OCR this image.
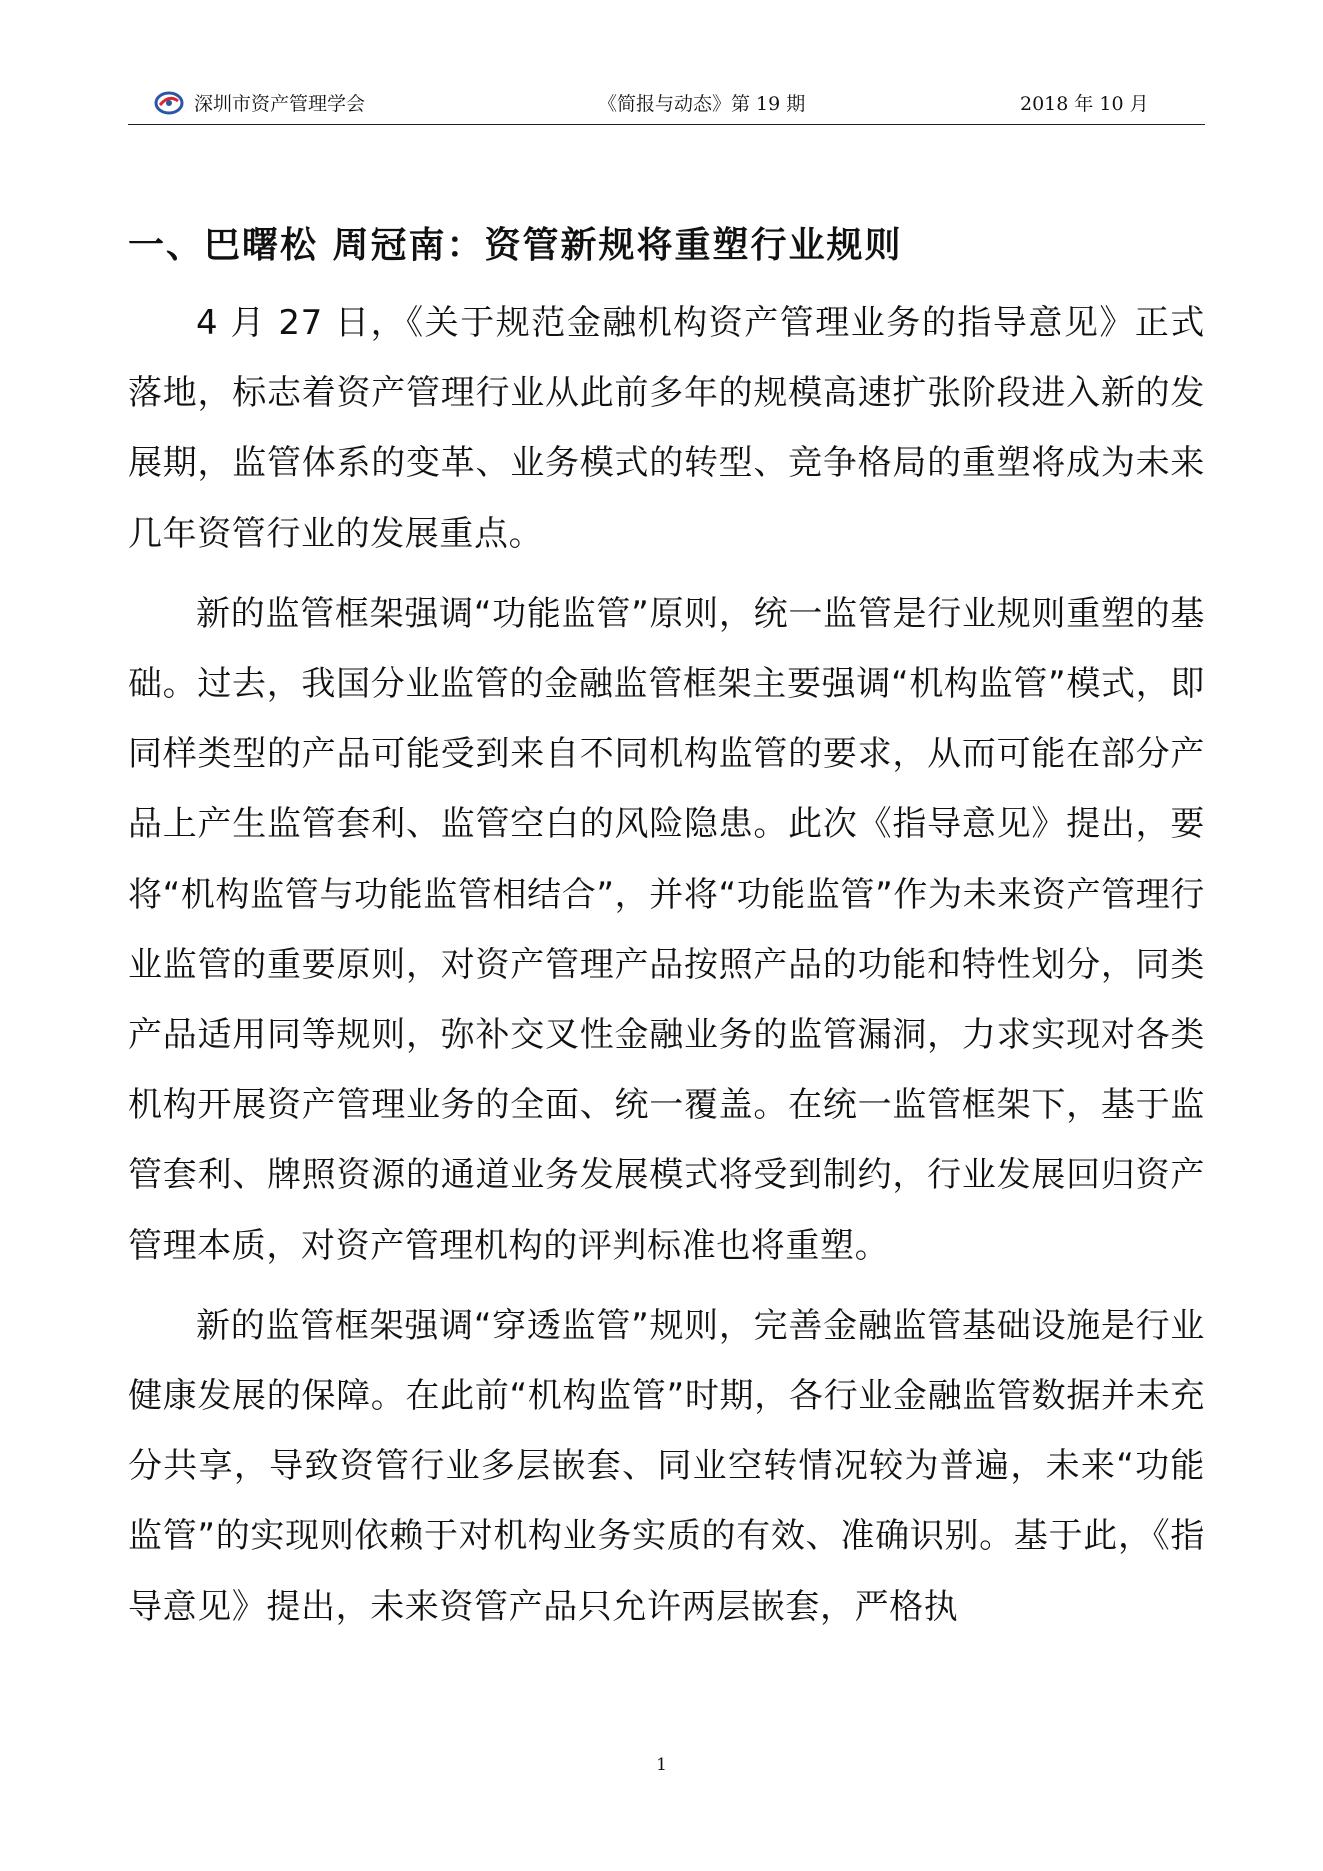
深圳市资产管理学会	《简报与动态》第 19 期	2018 年 10 月
一、巴曙松 周冠南：资管新规将重塑行业规则

4 月 27 日，《关于规范金融机构资产管理业务的指导意见》正式落地，标志着资产管理行业从此前多年的规模高速扩张阶段进入新的发展期，监管体系的变革、业务模式的转型、竞争格局的重塑将成为未来几年资管行业的发展重点。

新的监管框架强调“功能监管”原则，统一监管是行业规则重塑的基础。过去，我国分业监管的金融监管框架主要强调“机构监管”模式，即同样类型的产品可能受到来自不同机构监管的要求，从而可能在部分产品上产生监管套利、监管空白的风险隐患。此次《指导意见》提出，要将“机构监管与功能监管相结合”，并将“功能监管”作为未来资产管理行业监管的重要原则，对资产管理产品按照产品的功能和特性划分，同类产品适用同等规则，弥补交叉性金融业务的监管漏洞，力求实现对各类机构开展资产管理业务的全面、统一覆盖。在统一监管框架下，基于监管套利、牌照资源的通道业务发展模式将受到制约，行业发展回归资产管理本质，对资产管理机构的评判标准也将重塑。

新的监管框架强调“穿透监管”规则，完善金融监管基础设施是行业健康发展的保障。在此前“机构监管”时期，各行业金融监管数据并未充分共享，导致资管行业多层嵌套、同业空转情况较为普遍，未来“功能监管”的实现则依赖于对机构业务实质的有效、准确识别。基于此，《指导意见》提出，未来资管产品只允许两层嵌套，严格执

1
